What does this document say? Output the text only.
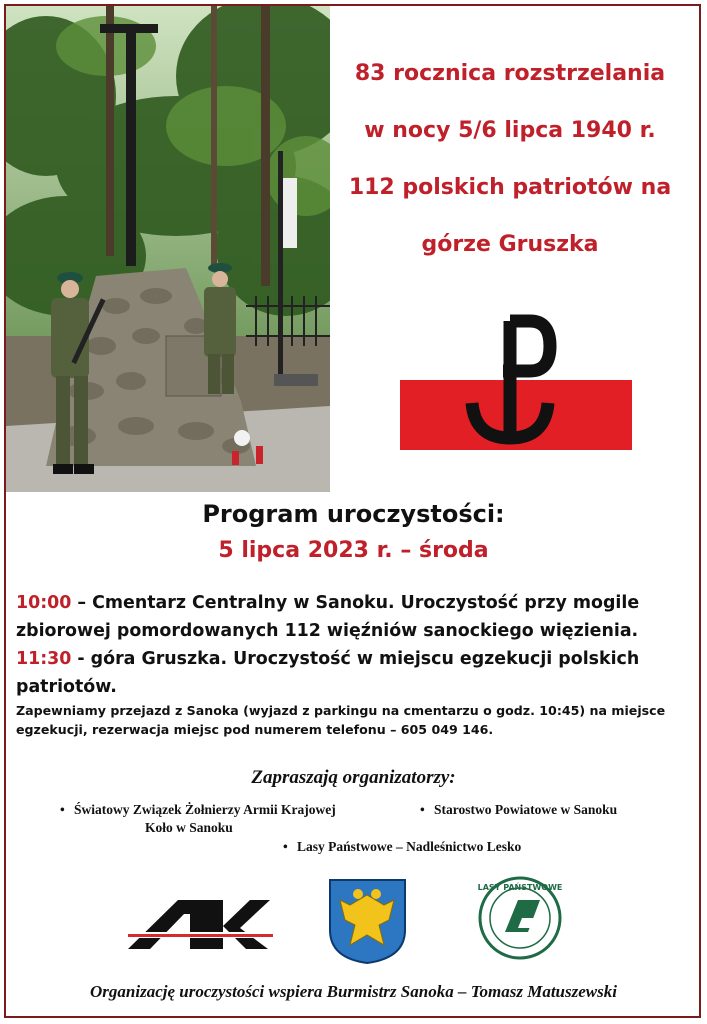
83 rocznica rozstrzelania
w nocy 5/6 lipca 1940 r.
112 polskich patriotów na
górze Gruszka
Program uroczystości:
5 lipca 2023 r. – środa

10:00 – Cmentarz Centralny w Sanoku. Uroczystość przy mogile zbiorowej pomordowanych 112 więźniów sanockiego więzienia.

11:30 - góra Gruszka. Uroczystość w miejscu egzekucji polskich patriotów.

Zapewniamy przejazd z Sanoka (wyjazd z parkingu na cmentarzu o godz. 10:45) na miejsce egzekucji, rezerwacja miejsc pod numerem telefonu – 605 049 146.
Zapraszają organizatorzy:
• Światowy Związek Żołnierzy Armii Krajowej
Koło w Sanoku
• Starostwo Powiatowe w Sanoku
• Lasy Państwowe – Nadleśnictwo Lesko
LASY PAŃSTWOWE
Organizację uroczystości wspiera Burmistrz Sanoka – Tomasz Matuszewski
